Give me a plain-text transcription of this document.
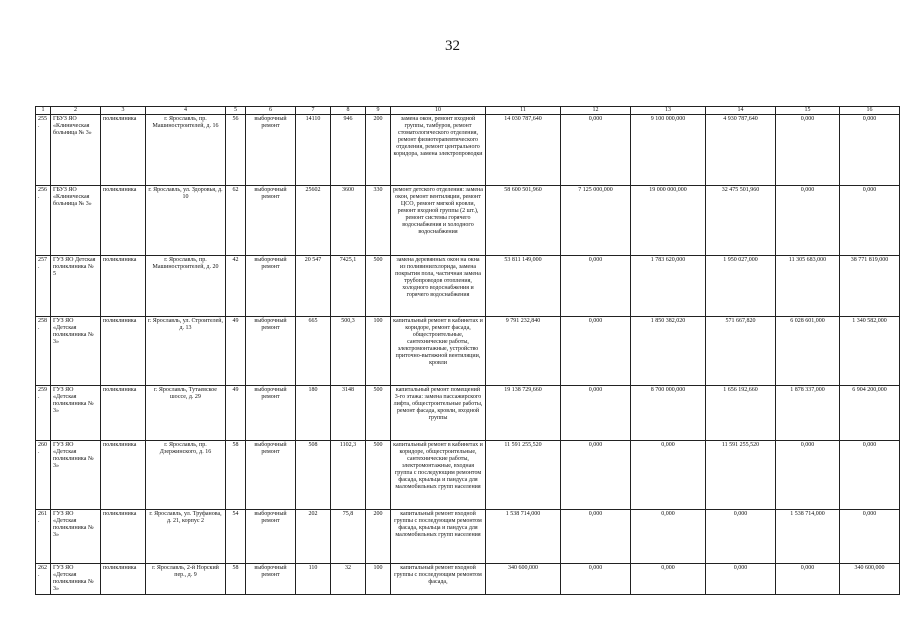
32
1	2	3	4	5	6	7	8	9	10	11	12	13	14	15	16
255.	ГБУЗ ЯО «Клиническая больница № 3»	поликлиника	г. Ярославль, пр. Машиностроителей, д. 16	56	выборочный ремонт	14110	946	200	замена окон, ремонт входной группы, тамбуров, ремонт стоматологического отделения, ремонт физиотерапевтического отделения, ремонт центрального коридора, замена электропроводки	14 030 787,640	0,000	9 100 000,000	4 930 787,640	0,000	0,000
256.	ГБУЗ ЯО «Клиническая больница № 3»	поликлиника	г. Ярославль, ул. Здоровья, д. 10	62	выборочный ремонт	25602	3600	330	ремонт детского отделения: замена окон, ремонт вентиляции, ремонт ЦСО, ремонт мягкой кровли, ремонт входной группы (2 шт.), ремонт системы горячего водоснабжения и холодного водоснабжения	58 600 501,960	7 125 000,000	19 000 000,000	32 475 501,960	0,000	0,000
257.	ГУЗ ЯО Детская поликлиника № 5	поликлиника	г. Ярославль, пр. Машиностроителей, д. 20	42	выборочный ремонт	20 547	7425,1	500	замена деревянных окон на окна из поливинилхлорида, замена покрытия пола, частичная замена трубопроводов отопления, холодного водоснабжения и горячего водоснабжения	53 811 149,000	0,000	1 783 620,000	1 950 027,000	11 305 683,000	38 771 819,000
258.	ГУЗ ЯО «Детская поликлиника № 3»	поликлиника	г. Ярославль, ул. Строителей, д. 13	49	выборочный ремонт	665	500,3	100	капитальный ремонт в кабинетах и коридоре, ремонт фасада, общестроительные, сантехнические работы, электромонтажные, устройство приточно-вытяжной вентиляции, кровли	9 791 232,840	0,000	1 850 382,020	571 667,820	6 028 601,000	1 340 582,000
259.	ГУЗ ЯО «Детская поликлиника № 3»	поликлиника	г. Ярославль, Тутаевское шоссе, д. 29	49	выборочный ремонт	180	3148	500	капитальный ремонт помещений 3-го этажа: замена пассажирского лифта, общестроительные работы, ремонт фасада, кровли, входной группы	19 138 729,660	0,000	8 700 000,000	1 656 192,660	1 878 337,000	6 904 200,000
260.	ГУЗ ЯО «Детская поликлиника № 3»	поликлиника	г. Ярославль, пр. Дзержинского, д. 16	58	выборочный ремонт	508	1102,3	500	капитальный ремонт в кабинетах и коридоре, общестроительные, сантехнические работы, электромонтажные, входная группа с последующим ремонтом фасада, крыльца и пандуса для маломобильных групп населения	11 591 255,520	0,000	0,000	11 591 255,520	0,000	0,000
261.	ГУЗ ЯО «Детская поликлиника № 3»	поликлиника	г. Ярославль, ул. Труфанова, д. 21, корпус 2	54	выборочный ремонт	202	75,8	200	капитальный ремонт входной группы с последующим ремонтом фасада, крыльца и пандуса для маломобильных групп населения	1 538 714,000	0,000	0,000	0,000	1 538 714,000	0,000
262.	ГУЗ ЯО «Детская поликлиника № 3»	поликлиника	г. Ярославль, 2-й Норский пер., д. 9	58	выборочный ремонт	110	32	100	капитальный ремонт входной группы с последующим ремонтом фасада,	340 600,000	0,000	0,000	0,000	0,000	340 600,000
